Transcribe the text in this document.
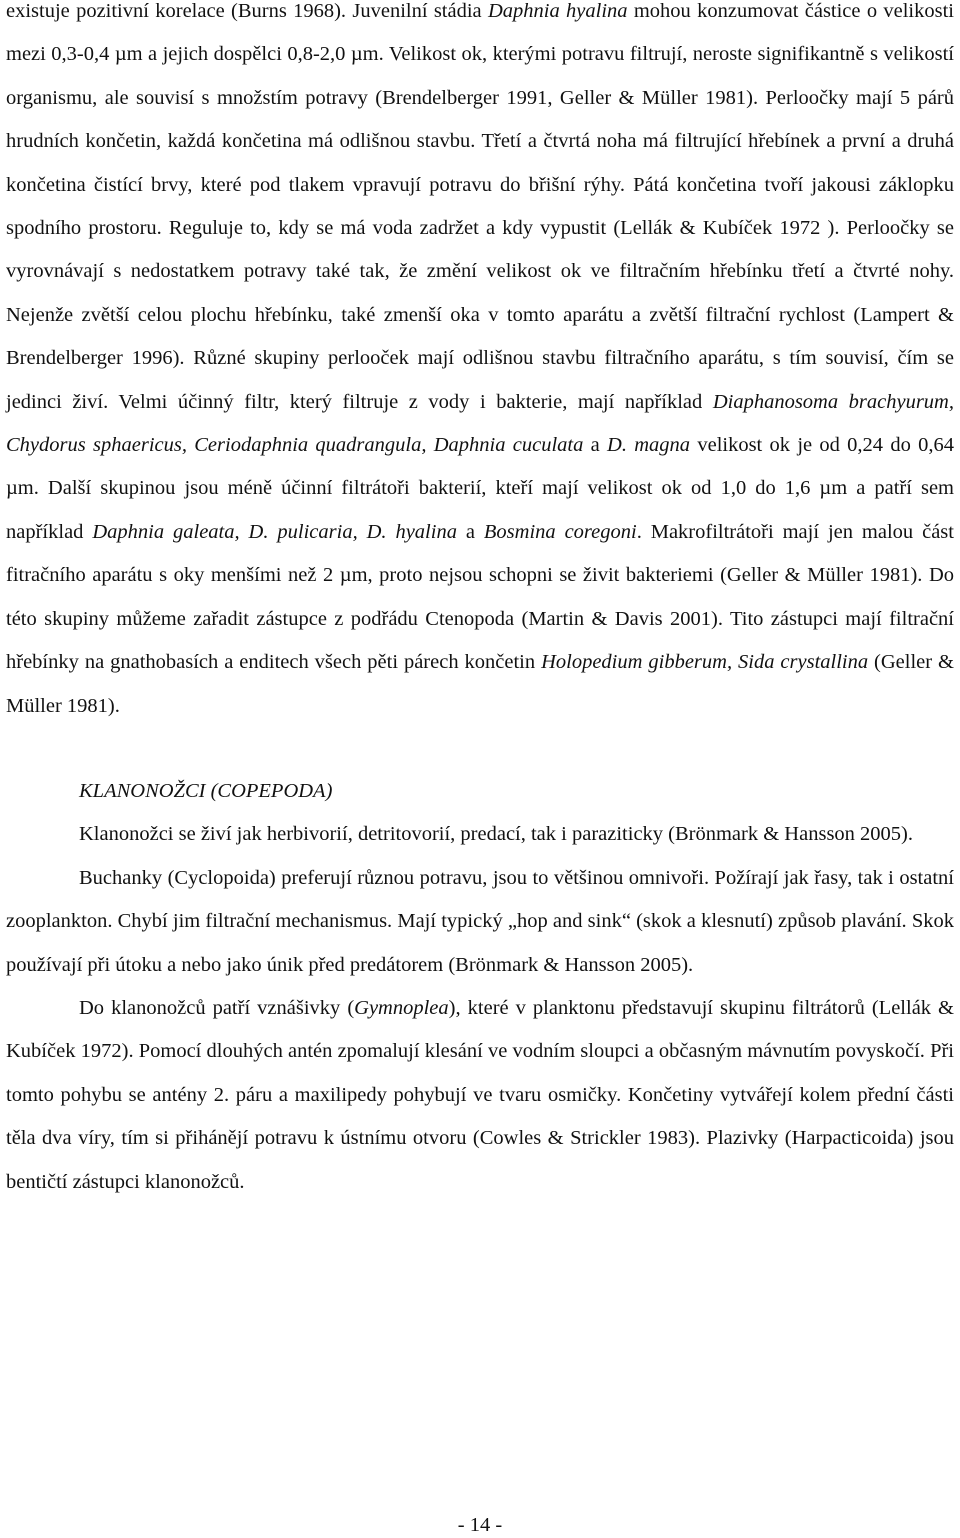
existuje pozitivní korelace (Burns 1968). Juvenilní stádia Daphnia hyalina mohou konzumovat částice o velikosti mezi 0,3-0,4 µm a jejich dospělci 0,8-2,0 µm. Velikost ok, kterými potravu filtrují, neroste signifikantně s velikostí organismu, ale souvisí s množstím potravy (Brendelberger 1991, Geller & Müller 1981). Perloočky mají 5 párů hrudních končetin, každá končetina má odlišnou stavbu. Třetí a čtvrtá noha má filtrující hřebínek a první a druhá končetina čistící brvy, které pod tlakem vpravují potravu do břišní rýhy. Pátá končetina tvoří jakousi záklopku spodního prostoru. Reguluje to, kdy se má voda zadržet a kdy vypustit (Lellák & Kubíček 1972 ). Perloočky se vyrovnávají s nedostatkem potravy také tak, že změní velikost ok ve filtračním hřebínku třetí a čtvrté nohy. Nejenže zvětší celou plochu hřebínku, také zmenší oka v tomto aparátu a zvětší filtrační rychlost (Lampert & Brendelberger 1996). Různé skupiny perlooček mají odlišnou stavbu filtračního aparátu, s tím souvisí, čím se jedinci živí. Velmi účinný filtr, který filtruje z vody i bakterie, mají například Diaphanosoma brachyurum, Chydorus sphaericus, Ceriodaphnia quadrangula, Daphnia cuculata a D. magna velikost ok je od 0,24 do 0,64 µm. Další skupinou jsou méně účinní filtrátoři bakterií, kteří mají velikost ok od 1,0 do 1,6 µm a patří sem například Daphnia galeata, D. pulicaria, D. hyalina a Bosmina coregoni. Makrofiltrátoři mají jen malou část fitračního aparátu s oky menšími než 2 µm, proto nejsou schopni se živit bakteriemi (Geller & Müller 1981). Do této skupiny můžeme zařadit zástupce z podřádu Ctenopoda (Martin & Davis 2001). Tito zástupci mají filtrační hřebínky na gnathobasích a enditech všech pěti párech končetin Holopedium gibberum, Sida crystallina (Geller & Müller 1981).

KLANONOŽCI (COPEPODA)

Klanonožci se živí jak herbivorií, detritovorií, predací, tak i paraziticky (Brönmark & Hansson 2005).

Buchanky (Cyclopoida) preferují různou potravu, jsou to většinou omnivoři. Požírají jak řasy, tak i ostatní zooplankton. Chybí jim filtrační mechanismus. Mají typický „hop and sink“ (skok a klesnutí) způsob plavání. Skok používají při útoku a nebo jako únik před predátorem (Brönmark & Hansson 2005).

Do klanonožců patří vznášivky (Gymnoplea), které v planktonu představují skupinu filtrátorů (Lellák & Kubíček 1972). Pomocí dlouhých antén zpomalují klesání ve vodním sloupci a občasným mávnutím povyskočí. Při tomto pohybu se antény 2. páru a maxilipedy pohybují ve tvaru osmičky. Končetiny vytvářejí kolem přední části těla dva víry, tím si přihánějí potravu k ústnímu otvoru (Cowles & Strickler 1983). Plazivky (Harpacticoida) jsou bentičtí zástupci klanonožců.

- 14 -
